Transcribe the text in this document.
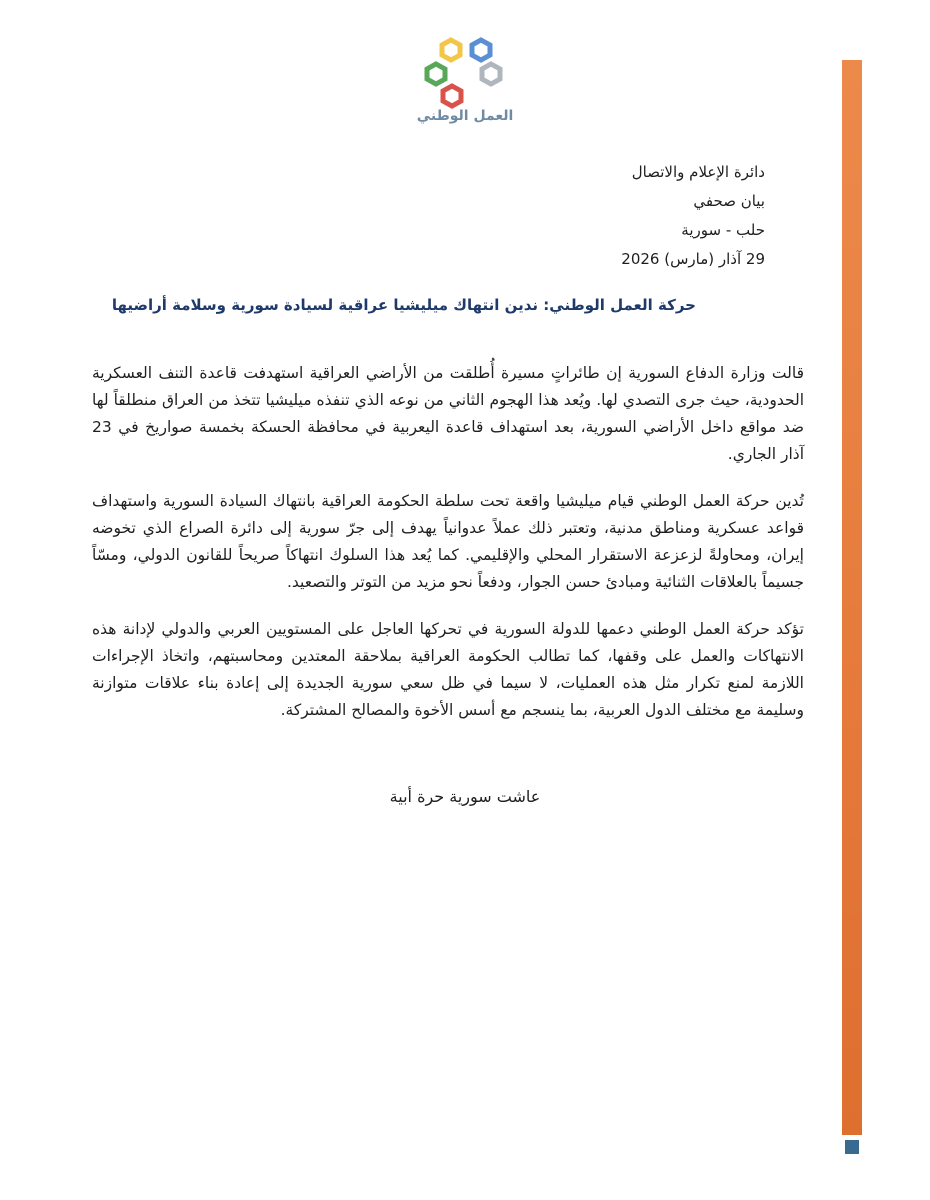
العمل الوطني
دائرة الإعلام والاتصال
بيان صحفي
حلب - سورية
29 آذار (مارس) 2026
حركة العمل الوطني: ندين انتهاك ميليشيا عراقية لسيادة سورية وسلامة أراضيها

قالت وزارة الدفاع السورية إن طائراتٍ مسيرة أُطلقت من الأراضي العراقية استهدفت قاعدة التنف العسكرية الحدودية، حيث جرى التصدي لها. ويُعد هذا الهجوم الثاني من نوعه الذي تنفذه ميليشيا تتخذ من العراق منطلقاً لها ضد مواقع داخل الأراضي السورية، بعد استهداف قاعدة اليعربية في محافظة الحسكة بخمسة صواريخ في 23 آذار الجاري.

تُدين حركة العمل الوطني قيام ميليشيا واقعة تحت سلطة الحكومة العراقية بانتهاك السيادة السورية واستهداف قواعد عسكرية ومناطق مدنية، وتعتبر ذلك عملاً عدوانياً يهدف إلى جرّ سورية إلى دائرة الصراع الذي تخوضه إيران، ومحاولةً لزعزعة الاستقرار المحلي والإقليمي. كما يُعد هذا السلوك انتهاكاً صريحاً للقانون الدولي، ومسّاً جسيماً بالعلاقات الثنائية ومبادئ حسن الجوار، ودفعاً نحو مزيد من التوتر والتصعيد.

تؤكد حركة العمل الوطني دعمها للدولة السورية في تحركها العاجل على المستويين العربي والدولي لإدانة هذه الانتهاكات والعمل على وقفها، كما تطالب الحكومة العراقية بملاحقة المعتدين ومحاسبتهم، واتخاذ الإجراءات اللازمة لمنع تكرار مثل هذه العمليات، لا سيما في ظل سعي سورية الجديدة إلى إعادة بناء علاقات متوازنة وسليمة مع مختلف الدول العربية، بما ينسجم مع أسس الأخوة والمصالح المشتركة.

عاشت سورية حرة أبية
